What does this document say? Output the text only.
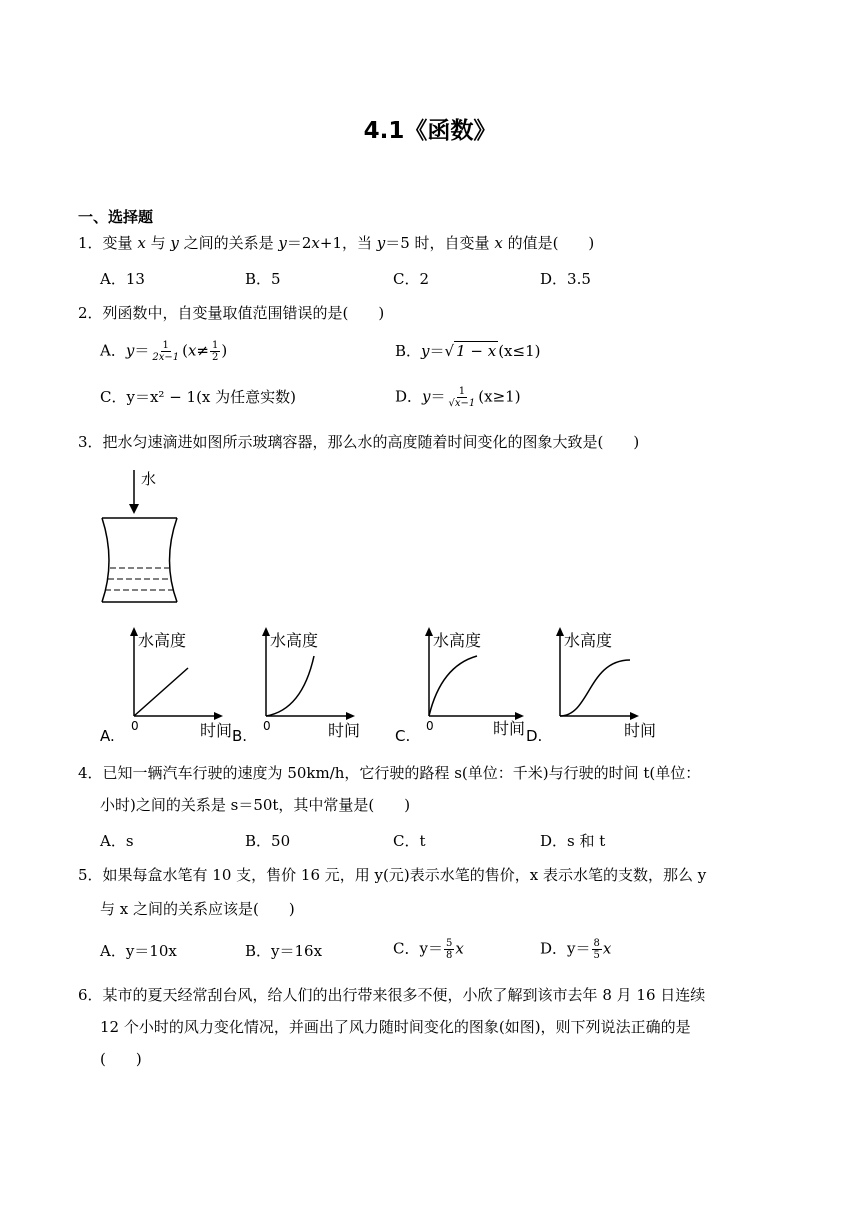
4.1《函数》
一、选择题
1．变量 x 与 y 之间的关系是 y＝2x+1，当 y＝5 时，自变量 x 的值是(　　)
A．13	B．5	C．2	D．3.5
2．列函数中，自变量取值范围错误的是(　　)
A．$y= \frac{1}{2x-1} (x\ne \frac{1}{2}$ )	B．y＝√ 1 − x (x≤1)
C．y＝x² − 1(x 为任意实数)	D．$y= \frac{1}{√x-1} (x\ge 1)$
3．把水匀速滴进如图所示玻璃容器，那么水的高度随着时间变化的图象大致是(　　)
水
水高度
时间
0
A.
水高度
时间
0
B.
水高度
时间
0
C.
水高度
时间
D.
4．已知一辆汽车行驶的速度为 50km/h，它行驶的路程 s(单位：千米)与行驶的时间 t(单位：
小时)之间的关系是 s＝50t，其中常量是(　　)
A．s	B．50	C．t	D．s 和 t
5．如果每盒水笔有 10 支，售价 16 元，用 y(元)表示水笔的售价，x 表示水笔的支数，那么 y
与 x 之间的关系应该是(　　)
A．y＝10x	B．y＝16x	C．$y= \frac{5}{8}$ x	D．$y= \frac{8}{5}$ x
6．某市的夏天经常刮台风，给人们的出行带来很多不便，小欣了解到该市去年 8 月 16 日连续
12 个小时的风力变化情况，并画出了风力随时间变化的图象(如图)，则下列说法正确的是
(　　)
